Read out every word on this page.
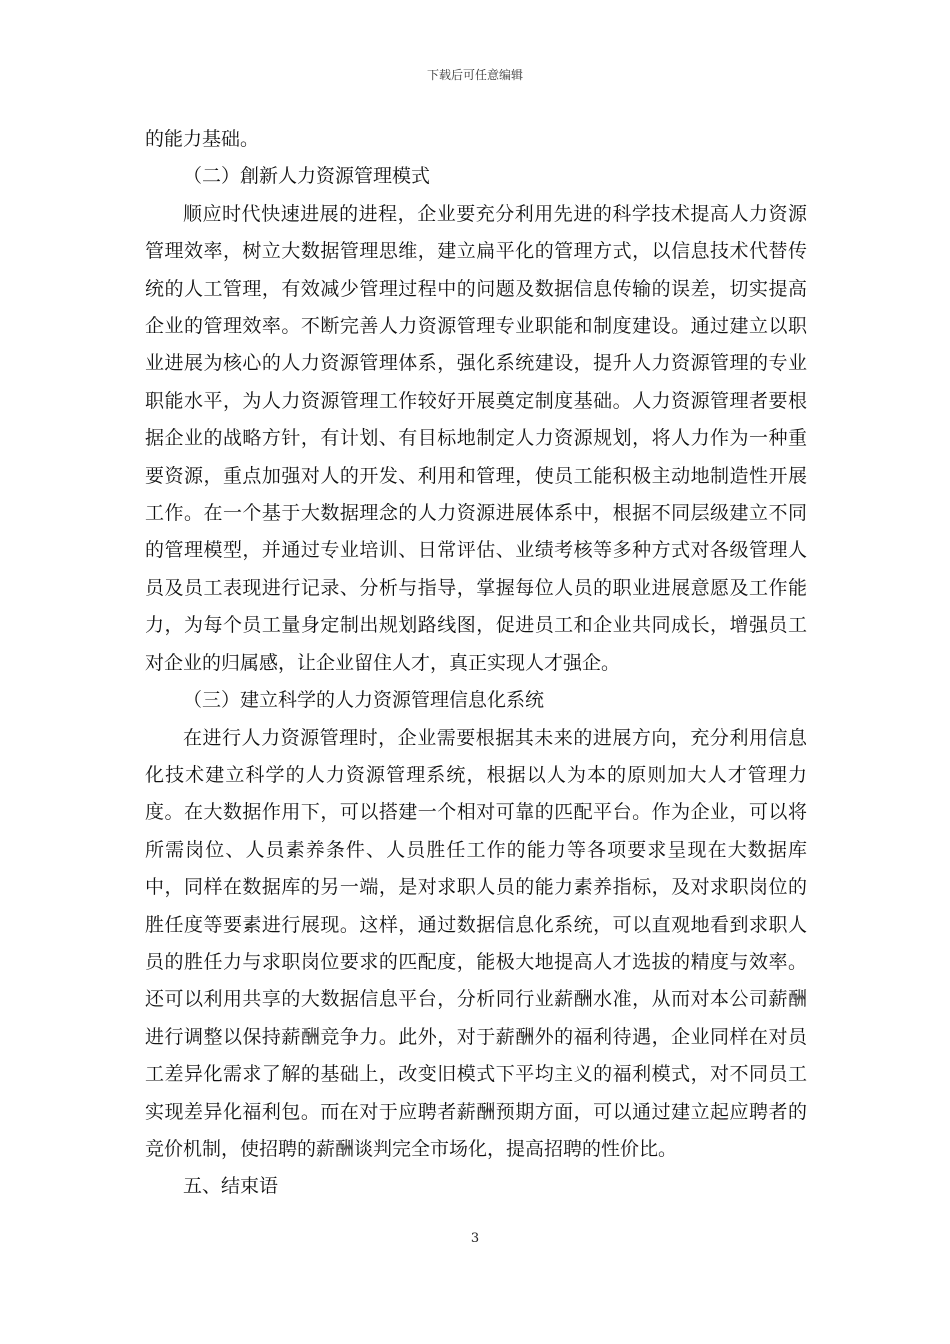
下载后可任意编辑

的能力基础。

（二）創新人力资源管理模式

顺应时代快速进展的进程，企业要充分利用先进的科学技术提高人力资源管理效率，树立大数据管理思维，建立扁平化的管理方式，以信息技术代替传统的人工管理，有效减少管理过程中的问题及数据信息传输的误差，切实提高企业的管理效率。不断完善人力资源管理专业职能和制度建设。通过建立以职业进展为核心的人力资源管理体系，强化系统建设，提升人力资源管理的专业职能水平，为人力资源管理工作较好开展奠定制度基础。人力资源管理者要根据企业的战略方针，有计划、有目标地制定人力资源规划，将人力作为一种重要资源，重点加强对人的开发、利用和管理，使员工能积极主动地制造性开展工作。在一个基于大数据理念的人力资源进展体系中，根据不同层级建立不同的管理模型，并通过专业培训、日常评估、业绩考核等多种方式对各级管理人员及员工表现进行记录、分析与指导，掌握每位人员的职业进展意愿及工作能力，为每个员工量身定制出规划路线图，促进员工和企业共同成长，增强员工对企业的归属感，让企业留住人才，真正实现人才强企。

（三）建立科学的人力资源管理信息化系统

在进行人力资源管理时，企业需要根据其未来的进展方向，充分利用信息化技术建立科学的人力资源管理系统，根据以人为本的原则加大人才管理力度。在大数据作用下，可以搭建一个相对可靠的匹配平台。作为企业，可以将所需岗位、人员素养条件、人员胜任工作的能力等各项要求呈现在大数据库中，同样在数据库的另一端，是对求职人员的能力素养指标，及对求职岗位的胜任度等要素进行展现。这样，通过数据信息化系统，可以直观地看到求职人员的胜任力与求职岗位要求的匹配度，能极大地提高人才选拔的精度与效率。还可以利用共享的大数据信息平台，分析同行业薪酬水准，从而对本公司薪酬进行调整以保持薪酬竞争力。此外，对于薪酬外的福利待遇，企业同样在对员工差异化需求了解的基础上，改变旧模式下平均主义的福利模式，对不同员工实现差异化福利包。而在对于应聘者薪酬预期方面，可以通过建立起应聘者的竞价机制，使招聘的薪酬谈判完全市场化，提高招聘的性价比。

五、结束语

3
